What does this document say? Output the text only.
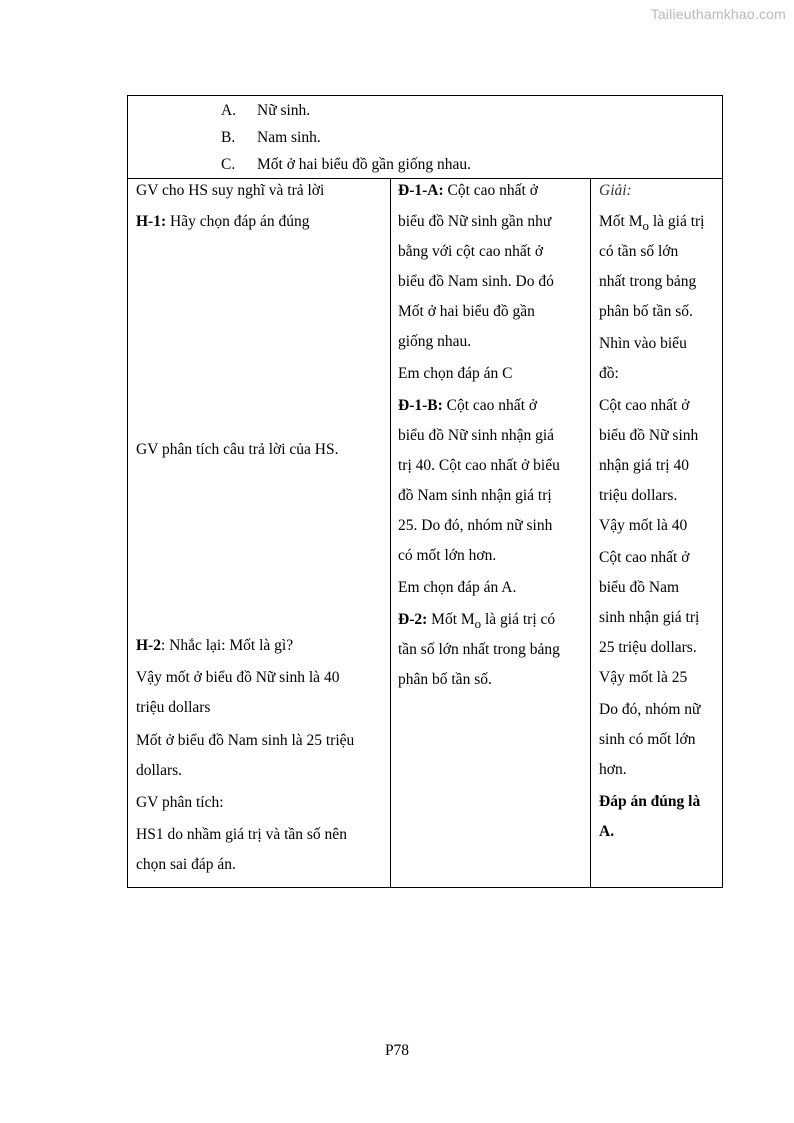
Tailieuthamkhao.com
A. Nữ sinh.
B. Nam sinh.
C. Mốt ở hai biểu đồ gần giống nhau.
GV cho HS suy nghĩ và trả lời
H-1: Hãy chọn đáp án đúng
GV phân tích câu trả lời của HS.
H-2: Nhắc lại: Mốt là gì?
Vậy mốt ở biểu đồ Nữ sinh là 40
triệu dollars
Mốt ở biểu đồ Nam sinh là 25 triệu
dollars.
GV phân tích:
HS1 do nhầm giá trị và tần số nên
chọn sai đáp án.
Đ-1-A: Cột cao nhất ở
biểu đồ Nữ sinh gần như
bằng với cột cao nhất ở
biểu đồ Nam sinh. Do đó
Mốt ở hai biểu đồ gần
giống nhau.
Em chọn đáp án C
Đ-1-B: Cột cao nhất ở
biểu đồ Nữ sinh nhận giá
trị 40. Cột cao nhất ở biểu
đồ Nam sinh nhận giá trị
25. Do đó, nhóm nữ sinh
có mốt lớn hơn.
Em chọn đáp án A.
Đ-2: Mốt $M_o$ là giá trị có
tần số lớn nhất trong bảng
phân bố tần số.
Giải:
Mốt $M_o$ là giá trị
có tần số lớn
nhất trong bảng
phân bố tần số.
Nhìn vào biểu
đồ:
Cột cao nhất ở
biểu đồ Nữ sinh
nhận giá trị 40
triệu dollars.
Vậy mốt là 40
Cột cao nhất ở
biểu đồ Nam
sinh nhận giá trị
25 triệu dollars.
Vậy mốt là 25
Do đó, nhóm nữ
sinh có mốt lớn
hơn.
Đáp án đúng là
A.
P78
